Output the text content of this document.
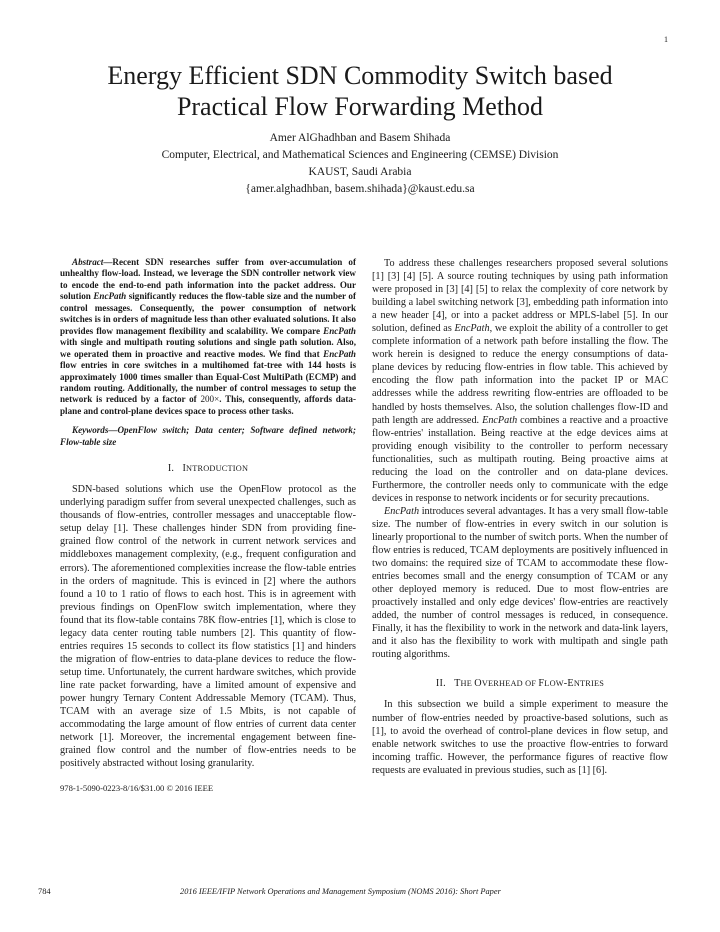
1
Energy Efficient SDN Commodity Switch based
Practical Flow Forwarding Method
Amer AlGhadhban and Basem Shihada
Computer, Electrical, and Mathematical Sciences and Engineering (CEMSE) Division
KAUST, Saudi Arabia
{amer.alghadhban, basem.shihada}@kaust.edu.sa
Abstract—Recent SDN researches suffer from over-accumulation of unhealthy flow-load. Instead, we leverage the SDN controller network view to encode the end-to-end path information into the packet address. Our solution EncPath significantly reduces the flow-table size and the number of control messages. Consequently, the power consumption of network switches is in orders of magnitude less than other evaluated solutions. It also provides flow management flexibility and scalability. We compare EncPath with single and multipath routing solutions and single path solution. Also, we operated them in proactive and reactive modes. We find that EncPath flow entries in core switches in a multihomed fat-tree with 144 hosts is approximately 1000 times smaller than Equal-Cost MultiPath (ECMP) and random routing. Additionally, the number of control messages to setup the network is reduced by a factor of 200×. This, consequently, affords data-plane and control-plane devices space to process other tasks.
Keywords—OpenFlow switch; Data center; Software defined network; Flow-table size
I. INTRODUCTION
SDN-based solutions which use the OpenFlow protocol as the underlying paradigm suffer from several unexpected challenges, such as thousands of flow-entries, controller messages and unacceptable flow-setup delay [1]. These challenges hinder SDN from providing fine-grained flow control of the network in current network services and middleboxes management complexity, (e.g., frequent configuration and errors). The aforementioned complexities increase the flow-table entries in the orders of magnitude. This is evinced in [2] where the authors found a 10 to 1 ratio of flows to each host. This is in agreement with previous findings on OpenFlow switch implementation, where they found that its flow-table contains 78K flow-entries [1], which is close to legacy data center routing table numbers [2]. This quantity of flow-entries requires 15 seconds to collect its flow statistics [1] and hinders the migration of flow-entries to data-plane devices to reduce the flow-setup time. Unfortunately, the current hardware switches, which provide line rate packet forwarding, have a limited amount of expensive and power hungry Ternary Content Addressable Memory (TCAM). Thus, TCAM with an average size of 1.5 Mbits, is not capable of accommodating the large amount of flow entries of current data center network [1]. Moreover, the incremental engagement between fine-grained flow control and the number of flow-entries needs to be positively abstracted without losing granularity.
978-1-5090-0223-8/16/$31.00 © 2016 IEEE
To address these challenges researchers proposed several solutions [1] [3] [4] [5]. A source routing techniques by using path information were proposed in [3] [4] [5] to relax the complexity of core network by building a label switching network [3], embedding path information into a new header [4], or into a packet address or MPLS-label [5]. In our solution, defined as EncPath, we exploit the ability of a controller to get complete information of a network path before installing the flow. The work herein is designed to reduce the energy consumptions of data-plane devices by reducing flow-entries in flow table. This achieved by encoding the flow path information into the packet IP or MAC addresses while the address rewriting flow-entries are offloaded to be handled by hosts themselves. Also, the solution challenges flow-ID and path length are addressed. EncPath combines a reactive and a proactive flow-entries' installation. Being reactive at the edge devices aims at providing enough visibility to the controller to perform necessary functionalities, such as multipath routing. Being proactive aims at reducing the load on the controller and on data-plane devices. Furthermore, the controller needs only to communicate with the edge devices in response to network incidents or for security precautions.
EncPath introduces several advantages. It has a very small flow-table size. The number of flow-entries in every switch in our solution is linearly proportional to the number of switch ports. When the number of flow entries is reduced, TCAM deployments are positively influenced in two domains: the required size of TCAM to accommodate these flow-entries becomes small and the energy consumption of TCAM or any other deployed memory is reduced. Due to most flow-entries are proactively installed and only edge devices' flow-entries are reactively added, the number of control messages is reduced, in consequence. Finally, it has the flexibility to work in the network and data-link layers, and it also has the flexibility to work with multipath and single path routing algorithms.
II. THE OVERHEAD OF FLOW-ENTRIES
In this subsection we build a simple experiment to measure the number of flow-entries needed by proactive-based solutions, such as [1], to avoid the overhead of control-plane devices in flow setup, and enable network switches to use the proactive flow-entries to forward incoming traffic. However, the performance figures of reactive flow requests are evaluated in previous studies, such as [1] [6].
784	2016 IEEE/IFIP Network Operations and Management Symposium (NOMS 2016): Short Paper
